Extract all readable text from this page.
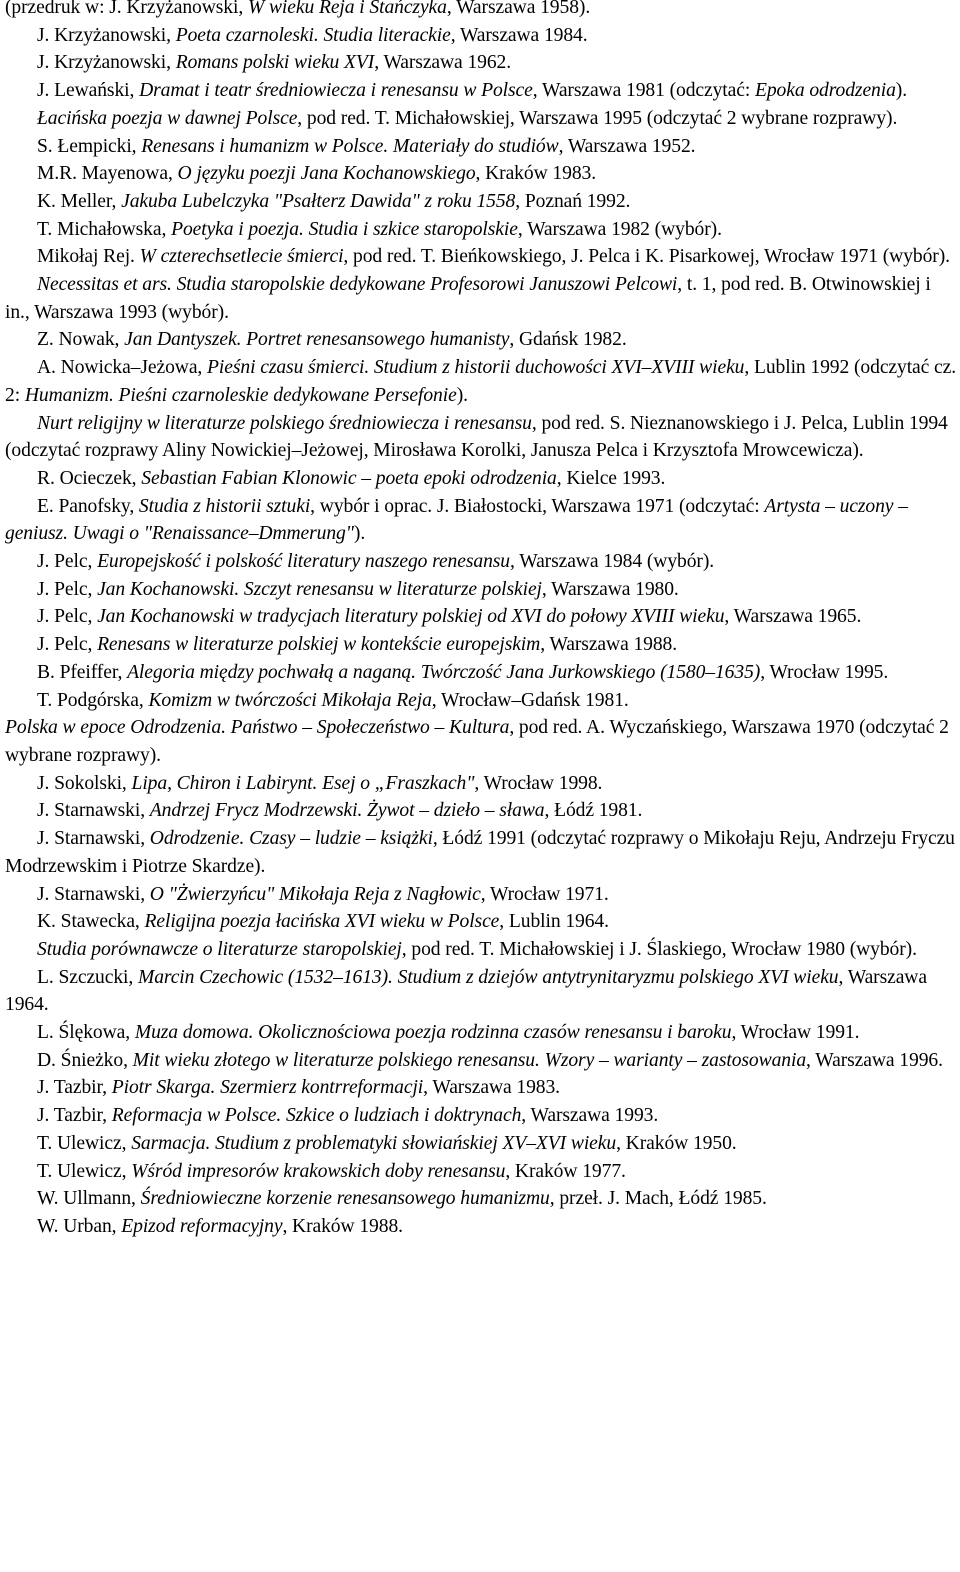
(przedruk w: J. Krzyżanowski, W wieku Reja i Stańczyka, Warszawa 1958).

J. Krzyżanowski, Poeta czarnoleski. Studia literackie, Warszawa 1984.

J. Krzyżanowski, Romans polski wieku XVI, Warszawa 1962.

J. Lewański, Dramat i teatr średniowiecza i renesansu w Polsce, Warszawa 1981 (odczytać: Epoka odrodzenia).

Łacińska poezja w dawnej Polsce, pod red. T. Michałowskiej, Warszawa 1995 (odczytać 2 wybrane rozprawy).

S. Łempicki, Renesans i humanizm w Polsce. Materiały do studiów, Warszawa 1952.

M.R. Mayenowa, O języku poezji Jana Kochanowskiego, Kraków 1983.

K. Meller, Jakuba Lubelczyka "Psałterz Dawida" z roku 1558, Poznań 1992.

T. Michałowska, Poetyka i poezja. Studia i szkice staropolskie, Warszawa 1982 (wybór).

Mikołaj Rej. W czterechsetlecie śmierci, pod red. T. Bieńkowskiego, J. Pelca i K. Pisarkowej, Wrocław 1971 (wybór).

Necessitas et ars. Studia staropolskie dedykowane Profesorowi Januszowi Pelcowi, t. 1, pod red. B. Otwinowskiej i in., Warszawa 1993 (wybór).

Z. Nowak, Jan Dantyszek. Portret renesansowego humanisty, Gdańsk 1982.

A. Nowicka–Jeżowa, Pieśni czasu śmierci. Studium z historii duchowości XVI–XVIII wieku, Lublin 1992 (odczytać cz. 2: Humanizm. Pieśni czarnoleskie dedykowane Persefonie).

Nurt religijny w literaturze polskiego średniowiecza i renesansu, pod red. S. Nieznanowskiego i J. Pelca, Lublin 1994 (odczytać rozprawy Aliny Nowickiej–Jeżowej, Mirosława Korolki, Janusza Pelca i Krzysztofa Mrowcewicza).

R. Ocieczek, Sebastian Fabian Klonowic – poeta epoki odrodzenia, Kielce 1993.

E. Panofsky, Studia z historii sztuki, wybór i oprac. J. Białostocki, Warszawa 1971 (odczytać: Artysta – uczony – geniusz. Uwagi o "Renaissance–Dmmerung").

J. Pelc, Europejskość i polskość literatury naszego renesansu, Warszawa 1984 (wybór).

J. Pelc, Jan Kochanowski. Szczyt renesansu w literaturze polskiej, Warszawa 1980.

J. Pelc, Jan Kochanowski w tradycjach literatury polskiej od XVI do połowy XVIII wieku, Warszawa 1965.

J. Pelc, Renesans w literaturze polskiej w kontekście europejskim, Warszawa 1988.

B. Pfeiffer, Alegoria między pochwałą a naganą. Twórczość Jana Jurkowskiego (1580–1635), Wrocław 1995.

T. Podgórska, Komizm w twórczości Mikołaja Reja, Wrocław–Gdańsk 1981.

Polska w epoce Odrodzenia. Państwo – Społeczeństwo – Kultura, pod red. A. Wyczańskiego, Warszawa 1970 (odczytać 2 wybrane rozprawy).

J. Sokolski, Lipa, Chiron i Labirynt. Esej o „Fraszkach", Wrocław 1998.

J. Starnawski, Andrzej Frycz Modrzewski. Żywot – dzieło – sława, Łódź 1981.

J. Starnawski, Odrodzenie. Czasy – ludzie – książki, Łódź 1991 (odczytać rozprawy o Mikołaju Reju, Andrzeju Fryczu Modrzewskim i Piotrze Skardze).

J. Starnawski, O "Żwierzyńcu" Mikołaja Reja z Nagłowic, Wrocław 1971.

K. Stawecka, Religijna poezja łacińska XVI wieku w Polsce, Lublin 1964.

Studia porównawcze o literaturze staropolskiej, pod red. T. Michałowskiej i J. Ślaskiego, Wrocław 1980 (wybór).

L. Szczucki, Marcin Czechowic (1532–1613). Studium z dziejów antytrynitaryzmu polskiego XVI wieku, Warszawa 1964.

L. Ślękowa, Muza domowa. Okolicznościowa poezja rodzinna czasów renesansu i baroku, Wrocław 1991.

D. Śnieżko, Mit wieku złotego w literaturze polskiego renesansu. Wzory – warianty – zastosowania, Warszawa 1996.

J. Tazbir, Piotr Skarga. Szermierz kontrreformacji, Warszawa 1983.

J. Tazbir, Reformacja w Polsce. Szkice o ludziach i doktrynach, Warszawa 1993.

T. Ulewicz, Sarmacja. Studium z problematyki słowiańskiej XV–XVI wieku, Kraków 1950.

T. Ulewicz, Wśród impresorów krakowskich doby renesansu, Kraków 1977.

W. Ullmann, Średniowieczne korzenie renesansowego humanizmu, przeł. J. Mach, Łódź 1985.

W. Urban, Epizod reformacyjny, Kraków 1988.
